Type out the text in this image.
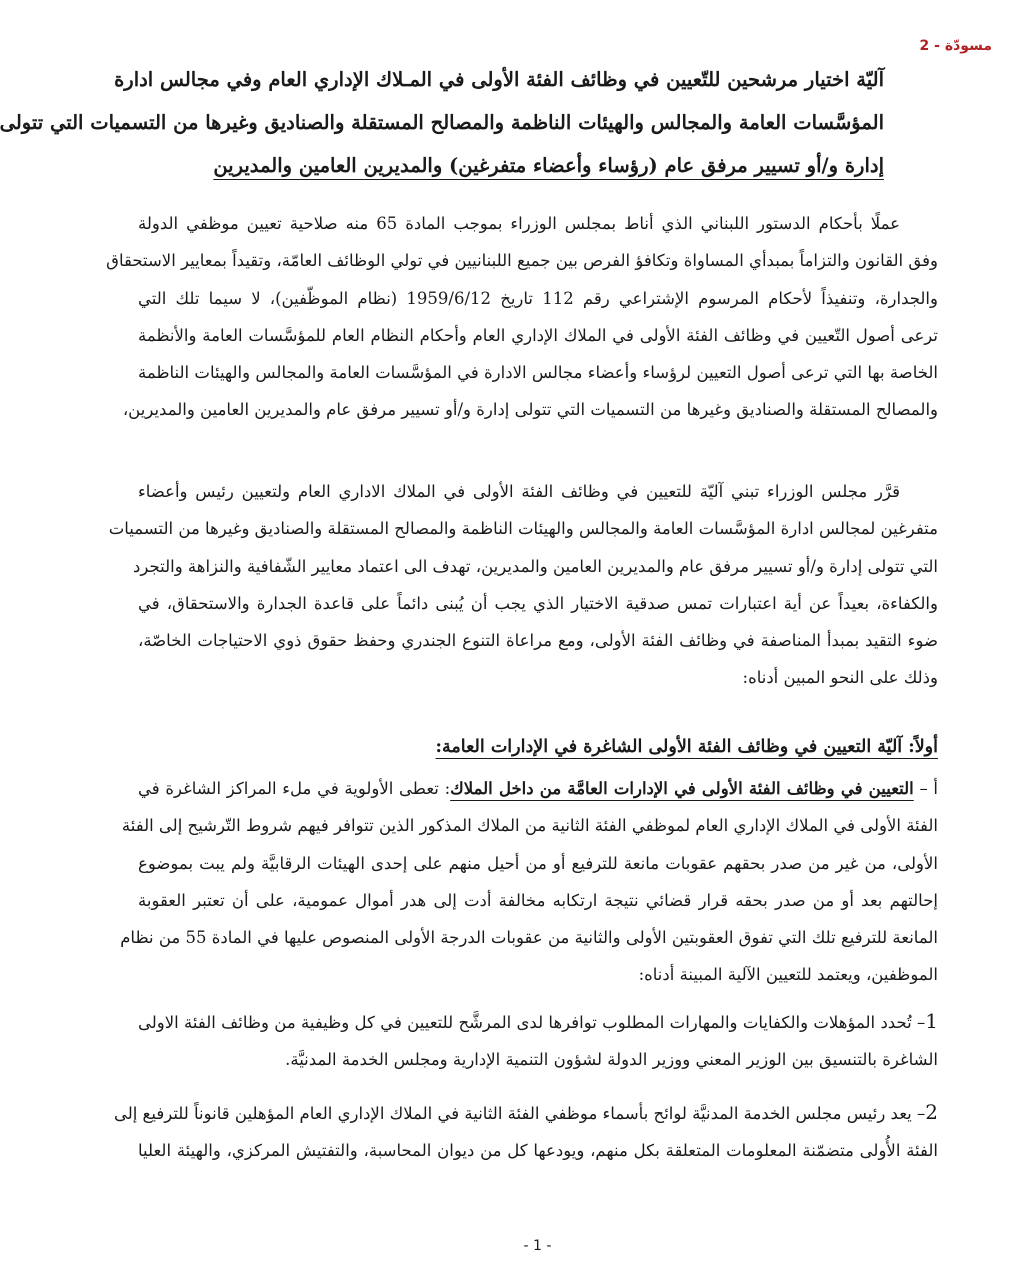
مسودّة - 2
آليّة اختيار مرشحين للتّعيين في وظائف الفئة الأولى في المـلاك الإداري العام وفي مجالس ادارة
المؤسَّسات العامة والمجالس والهيئات الناظمة والمصالح المستقلة والصناديق وغيرها من التسميات التي تتولى
إدارة و/أو تسيير مرفق عام (رؤساء وأعضاء متفرغين) والمديرين العامين والمديرين
عملًا بأحكام الدستور اللبناني الذي أناط بمجلس الوزراء بموجب المادة 65 منه صلاحية تعيين موظفي الدولة
وفق القانون والتزاماً بمبدأي المساواة وتكافؤ الفرص بين جميع اللبنانيين في تولي الوظائف العامّة، وتقيداً بمعايير الاستحقاق
والجدارة، وتنفيذاً لأحكام المرسوم الإشتراعي رقم 112 تاريخ 1959/6/12 (نظام الموظّفين)، لا سيما تلك التي
ترعى أصول التّعيين في وظائف الفئة الأولى في الملاك الإداري العام وأحكام النظام العام للمؤسَّسات العامة والأنظمة
الخاصة بها التي ترعى أصول التعيين لرؤساء وأعضاء مجالس الادارة في المؤسَّسات العامة والمجالس والهيئات الناظمة
والمصالح المستقلة والصناديق وغيرها من التسميات التي تتولى إدارة و/أو تسيير مرفق عام والمديرين العامين والمديرين،
قرَّر مجلس الوزراء تبني آليّة للتعيين في وظائف الفئة الأولى في الملاك الاداري العام ولتعيين رئيس وأعضاء
متفرغين لمجالس ادارة المؤسَّسات العامة والمجالس والهيئات الناظمة والمصالح المستقلة والصناديق وغيرها من التسميات
التي تتولى إدارة و/أو تسيير مرفق عام والمديرين العامين والمديرين، تهدف الى اعتماد معايير الشّفافية والنزاهة والتجرد
والكفاءة، بعيداً عن أية اعتبارات تمس صدقية الاختيار الذي يجب أن يُبنى دائماً على قاعدة الجدارة والاستحقاق، في
ضوء التقيد بمبدأ المناصفة في وظائف الفئة الأولى، ومع مراعاة التنوع الجندري وحفظ حقوق ذوي الاحتياجات الخاصّة،
وذلك على النحو المبين أدناه:
أولاً: آليّة التعيين في وظائف الفئة الأولى الشاغرة في الإدارات العامة:
أ – التعيين في وظائف الفئة الأولى في الإدارات العامَّة من داخل الملاك: تعطى الأولوية في ملء المراكز الشاغرة في
الفئة الأولى في الملاك الإداري العام لموظفي الفئة الثانية من الملاك المذكور الذين تتوافر فيهم شروط التّرشيح إلى الفئة
الأولى، من غير من صدر بحقهم عقوبات مانعة للترفيع أو من أحيل منهم على إحدى الهيئات الرقابيَّة ولم يبت بموضوع
إحالتهم بعد أو من صدر بحقه قرار قضائي نتيجة ارتكابه مخالفة أدت إلى هدر أموال عمومية، على أن تعتبر العقوبة
المانعة للترفيع تلك التي تفوق العقوبتين الأولى والثانية من عقوبات الدرجة الأولى المنصوص عليها في المادة 55 من نظام
الموظفين، ويعتمد للتعيين الآلية المبينة أدناه:
1– تُحدد المؤهلات والكفايات والمهارات المطلوب توافرها لدى المرشَّح للتعيين في كل وظيفية من وظائف الفئة الاولى
الشاغرة بالتنسيق بين الوزير المعني ووزير الدولة لشؤون التنمية الإدارية ومجلس الخدمة المدنيَّة.
2– يعد رئيس مجلس الخدمة المدنيَّة لوائح بأسماء موظفي الفئة الثانية في الملاك الإداري العام المؤهلين قانوناً للترفيع إلى
الفئة الأُولى متضمّنة المعلومات المتعلقة بكل منهم، ويودعها كل من ديوان المحاسبة، والتفتيش المركزي، والهيئة العليا
- 1 -
